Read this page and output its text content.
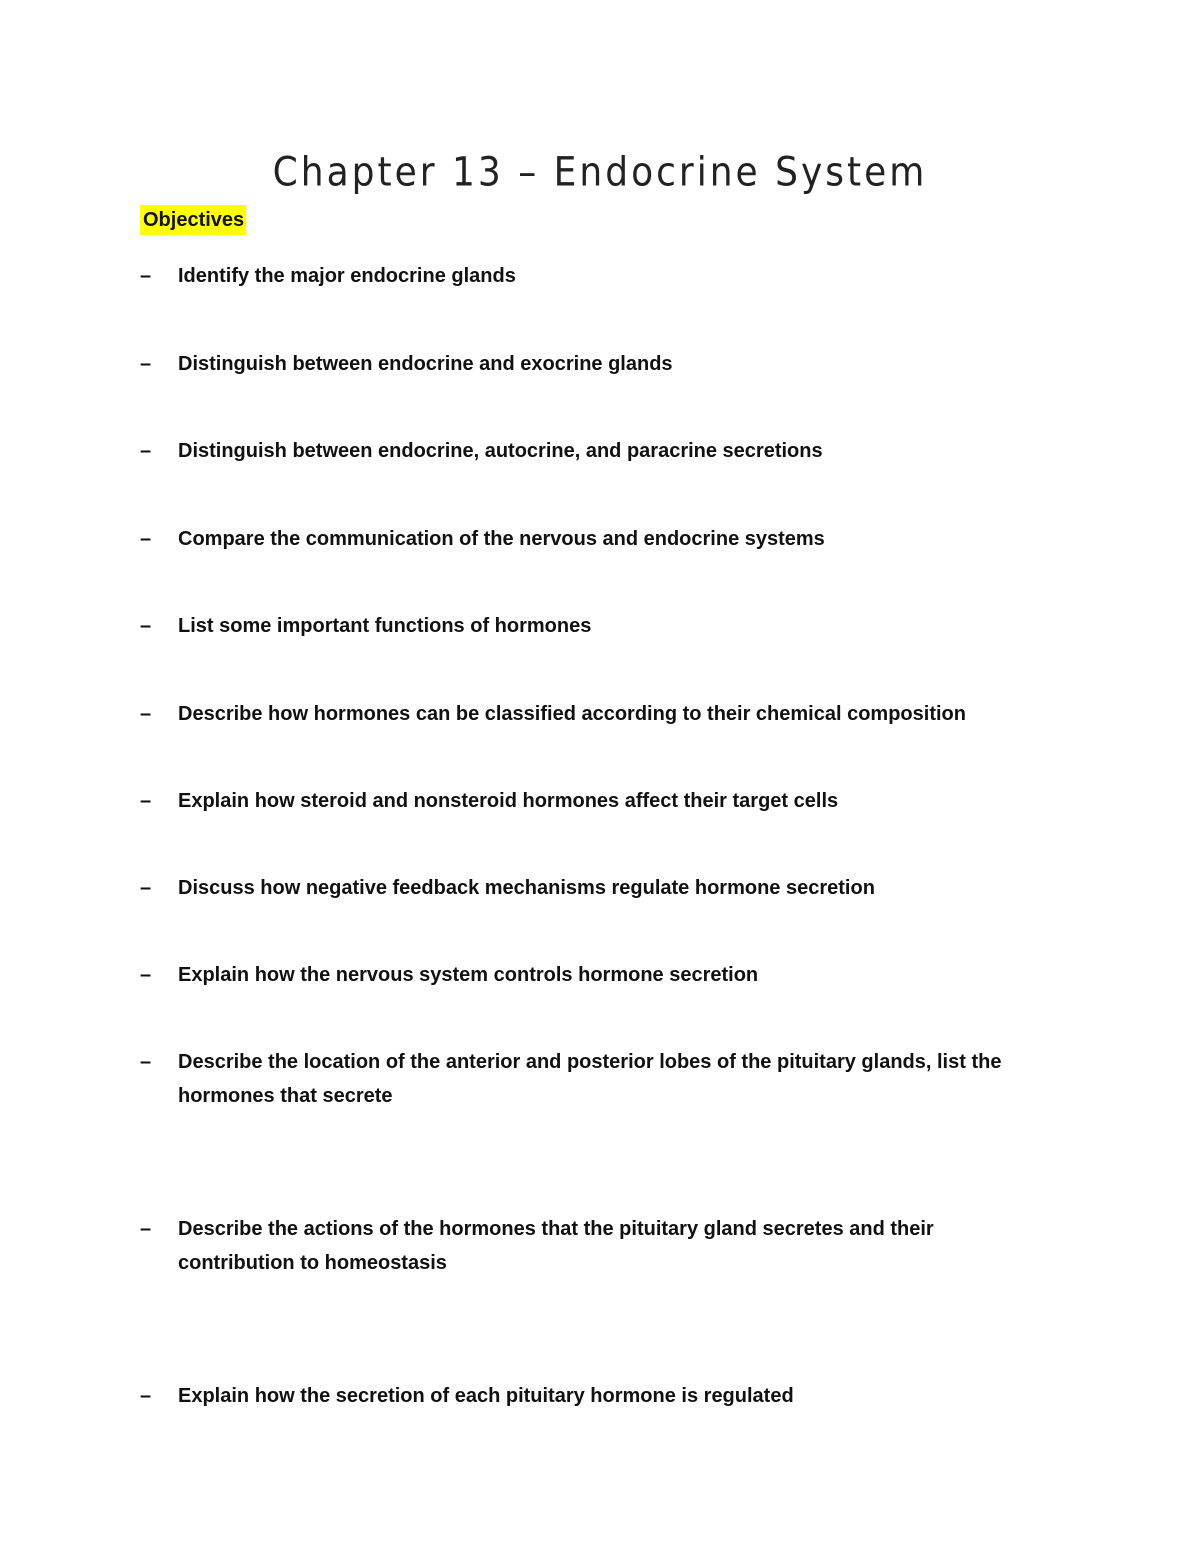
Chapter 13 – Endocrine System
Objectives
– Identify the major endocrine glands
– Distinguish between endocrine and exocrine glands
– Distinguish between endocrine, autocrine, and paracrine secretions
– Compare the communication of the nervous and endocrine systems
– List some important functions of hormones
– Describe how hormones can be classified according to their chemical composition
– Explain how steroid and nonsteroid hormones affect their target cells
– Discuss how negative feedback mechanisms regulate hormone secretion
– Explain how the nervous system controls hormone secretion
– Describe the location of the anterior and posterior lobes of the pituitary glands, list the hormones that secrete
– Describe the actions of the hormones that the pituitary gland secretes and their contribution to homeostasis
– Explain how the secretion of each pituitary hormone is regulated
